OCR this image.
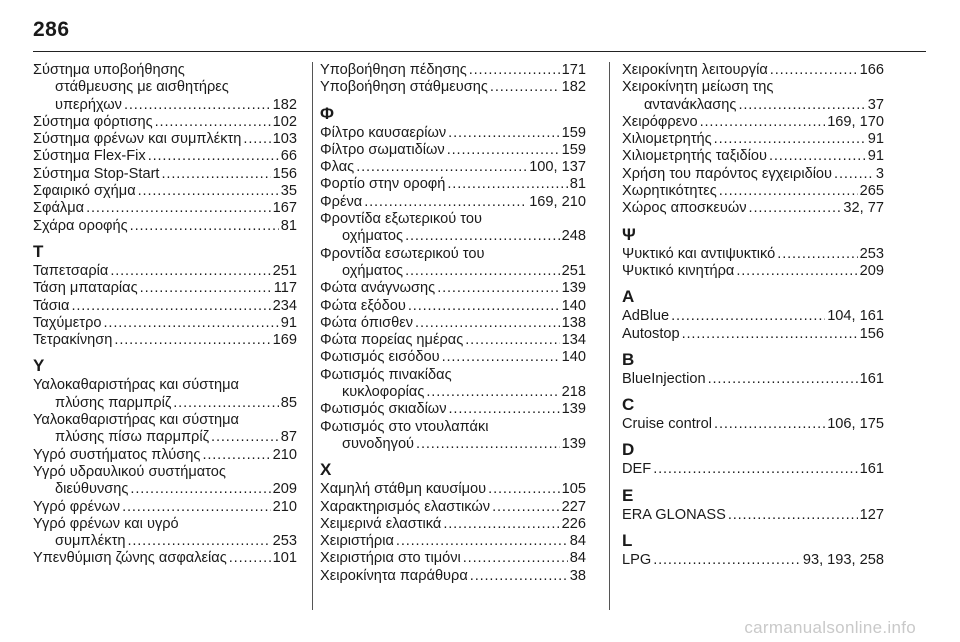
286
Σύστημα υποβοήθησης
στάθμευσης με αισθητήρες
υπερήχων . . .	182
Σύστημα φόρτισης . . .	102
Σύστημα φρένων και συμπλέκτη . . . 103
Σύστημα Flex-Fix . . .	66
Σύστημα Stop-Start . . .	156
Σφαιρικό σχήμα . . .	35
Σφάλμα . . .	167
Σχάρα οροφής . . .	81
Τ
Ταπετσαρία . . .	251
Τάση μπαταρίας . . .	117
Τάσια . . .	234
Ταχύμετρο . . .	91
Τετρακίνηση . . .	169
Υ
Υαλοκαθαριστήρας και σύστημα
πλύσης παρμπρίζ . . .	85
Υαλοκαθαριστήρας και σύστημα
πλύσης πίσω παρμπρίζ . . .	87
Υγρό συστήματος πλύσης . . .	210
Υγρό υδραυλικού συστήματος
διεύθυνσης . . .	209
Υγρό φρένων . . .	210
Υγρό φρένων και υγρό
συμπλέκτη . . .	253
Υπενθύμιση ζώνης ασφαλείας . . .	101
Υποβοήθηση πέδησης . . .	171
Υποβοήθηση στάθμευσης . . .	182
Φ
Φίλτρο καυσαερίων . . .	159
Φίλτρο σωματιδίων . . .	159
Φλας . . .	100, 137
Φορτίο στην οροφή . . .	81
Φρένα . . .	169, 210
Φροντίδα εξωτερικού του
οχήματος . . .	248
Φροντίδα εσωτερικού του
οχήματος . . .	251
Φώτα ανάγνωσης . . .	139
Φώτα εξόδου . . .	140
Φώτα όπισθεν . . .	138
Φώτα πορείας ημέρας . . .	134
Φωτισμός εισόδου . . .	140
Φωτισμός πινακίδας
κυκλοφορίας . . .	218
Φωτισμός σκιαδίων . . .	139
Φωτισμός στο ντουλαπάκι
συνοδηγού . . .	139
Χ
Χαμηλή στάθμη καυσίμου . . .	105
Χαρακτηρισμός ελαστικών . . .	227
Χειμερινά ελαστικά . . .	226
Χειριστήρια . . .	84
Χειριστήρια στο τιμόνι . . .	84
Χειροκίνητα παράθυρα . . .	38
Χειροκίνητη λειτουργία . . .	166
Χειροκίνητη μείωση της
αντανάκλασης . . .	37
Χειρόφρενο . . .	169, 170
Χιλιομετρητής . . .	91
Χιλιομετρητής ταξιδίου . . .	91
Χρήση του παρόντος εγχειριδίου . . .	3
Χωρητικότητες . . .	265
Χώρος αποσκευών . . .	32, 77
Ψ
Ψυκτικό και αντιψυκτικό . . .	253
Ψυκτικό κινητήρα . . .	209
A
AdBlue . . .	104, 161
Autostop . . .	156
B
BlueInjection . . .	161
C
Cruise control . . .	106, 175
D
DEF . . .	161
E
ERA GLONASS . . .	127
L
LPG . . .	93, 193, 258
carmanualsonline.info
